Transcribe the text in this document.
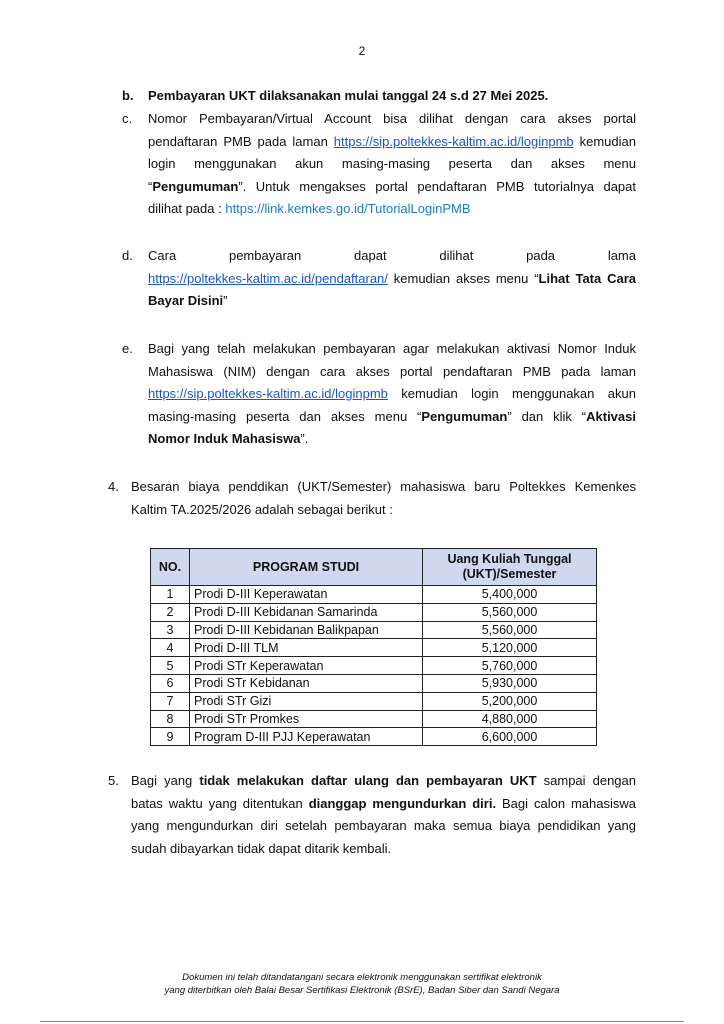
2
b. Pembayaran UKT dilaksanakan mulai tanggal 24 s.d 27 Mei 2025.
c. Nomor Pembayaran/Virtual Account bisa dilihat dengan cara akses portal
pendaftaran PMB pada laman https://sip.poltekkes-kaltim.ac.id/loginpmb kemudian
login menggunakan akun masing-masing peserta dan akses menu
“Pengumuman”. Untuk mengakses portal pendaftaran PMB tutorialnya dapat
dilihat pada : https://link.kemkes.go.id/TutorialLoginPMB
d. Cara pembayaran dapat dilihat pada lama
https://poltekkes-kaltim.ac.id/pendaftaran/ kemudian akses menu “Lihat Tata Cara
Bayar Disini”
e. Bagi yang telah melakukan pembayaran agar melakukan aktivasi Nomor Induk
Mahasiswa (NIM) dengan cara akses portal pendaftaran PMB pada laman
https://sip.poltekkes-kaltim.ac.id/loginpmb kemudian login menggunakan akun
masing-masing peserta dan akses menu “Pengumuman” dan klik “Aktivasi
Nomor Induk Mahasiswa”.
4. Besaran biaya penddikan (UKT/Semester) mahasiswa baru Poltekkes Kemenkes
Kaltim TA.2025/2026 adalah sebagai berikut :
NO.	PROGRAM STUDI	Uang Kuliah Tunggal
(UKT)/Semester
1	Prodi D-III Keperawatan	5,400,000
2	Prodi D-III Kebidanan Samarinda	5,560,000
3	Prodi D-III Kebidanan Balikpapan	5,560,000
4	Prodi D-III TLM	5,120,000
5	Prodi STr Keperawatan	5,760,000
6	Prodi STr Kebidanan	5,930,000
7	Prodi STr Gizi	5,200,000
8	Prodi STr Promkes	4,880,000
9	Program D-III PJJ Keperawatan	6,600,000
5. Bagi yang tidak melakukan daftar ulang dan pembayaran UKT sampai dengan
batas waktu yang ditentukan dianggap mengundurkan diri. Bagi calon mahasiswa
yang mengundurkan diri setelah pembayaran maka semua biaya pendidikan yang
sudah dibayarkan tidak dapat ditarik kembali.
Dokumen ini telah ditandatangani secara elektronik menggunakan sertifikat elektronik
yang diterbitkan oleh Balai Besar Sertifikasi Elektronik (BSrE), Badan Siber dan Sandi Negara
